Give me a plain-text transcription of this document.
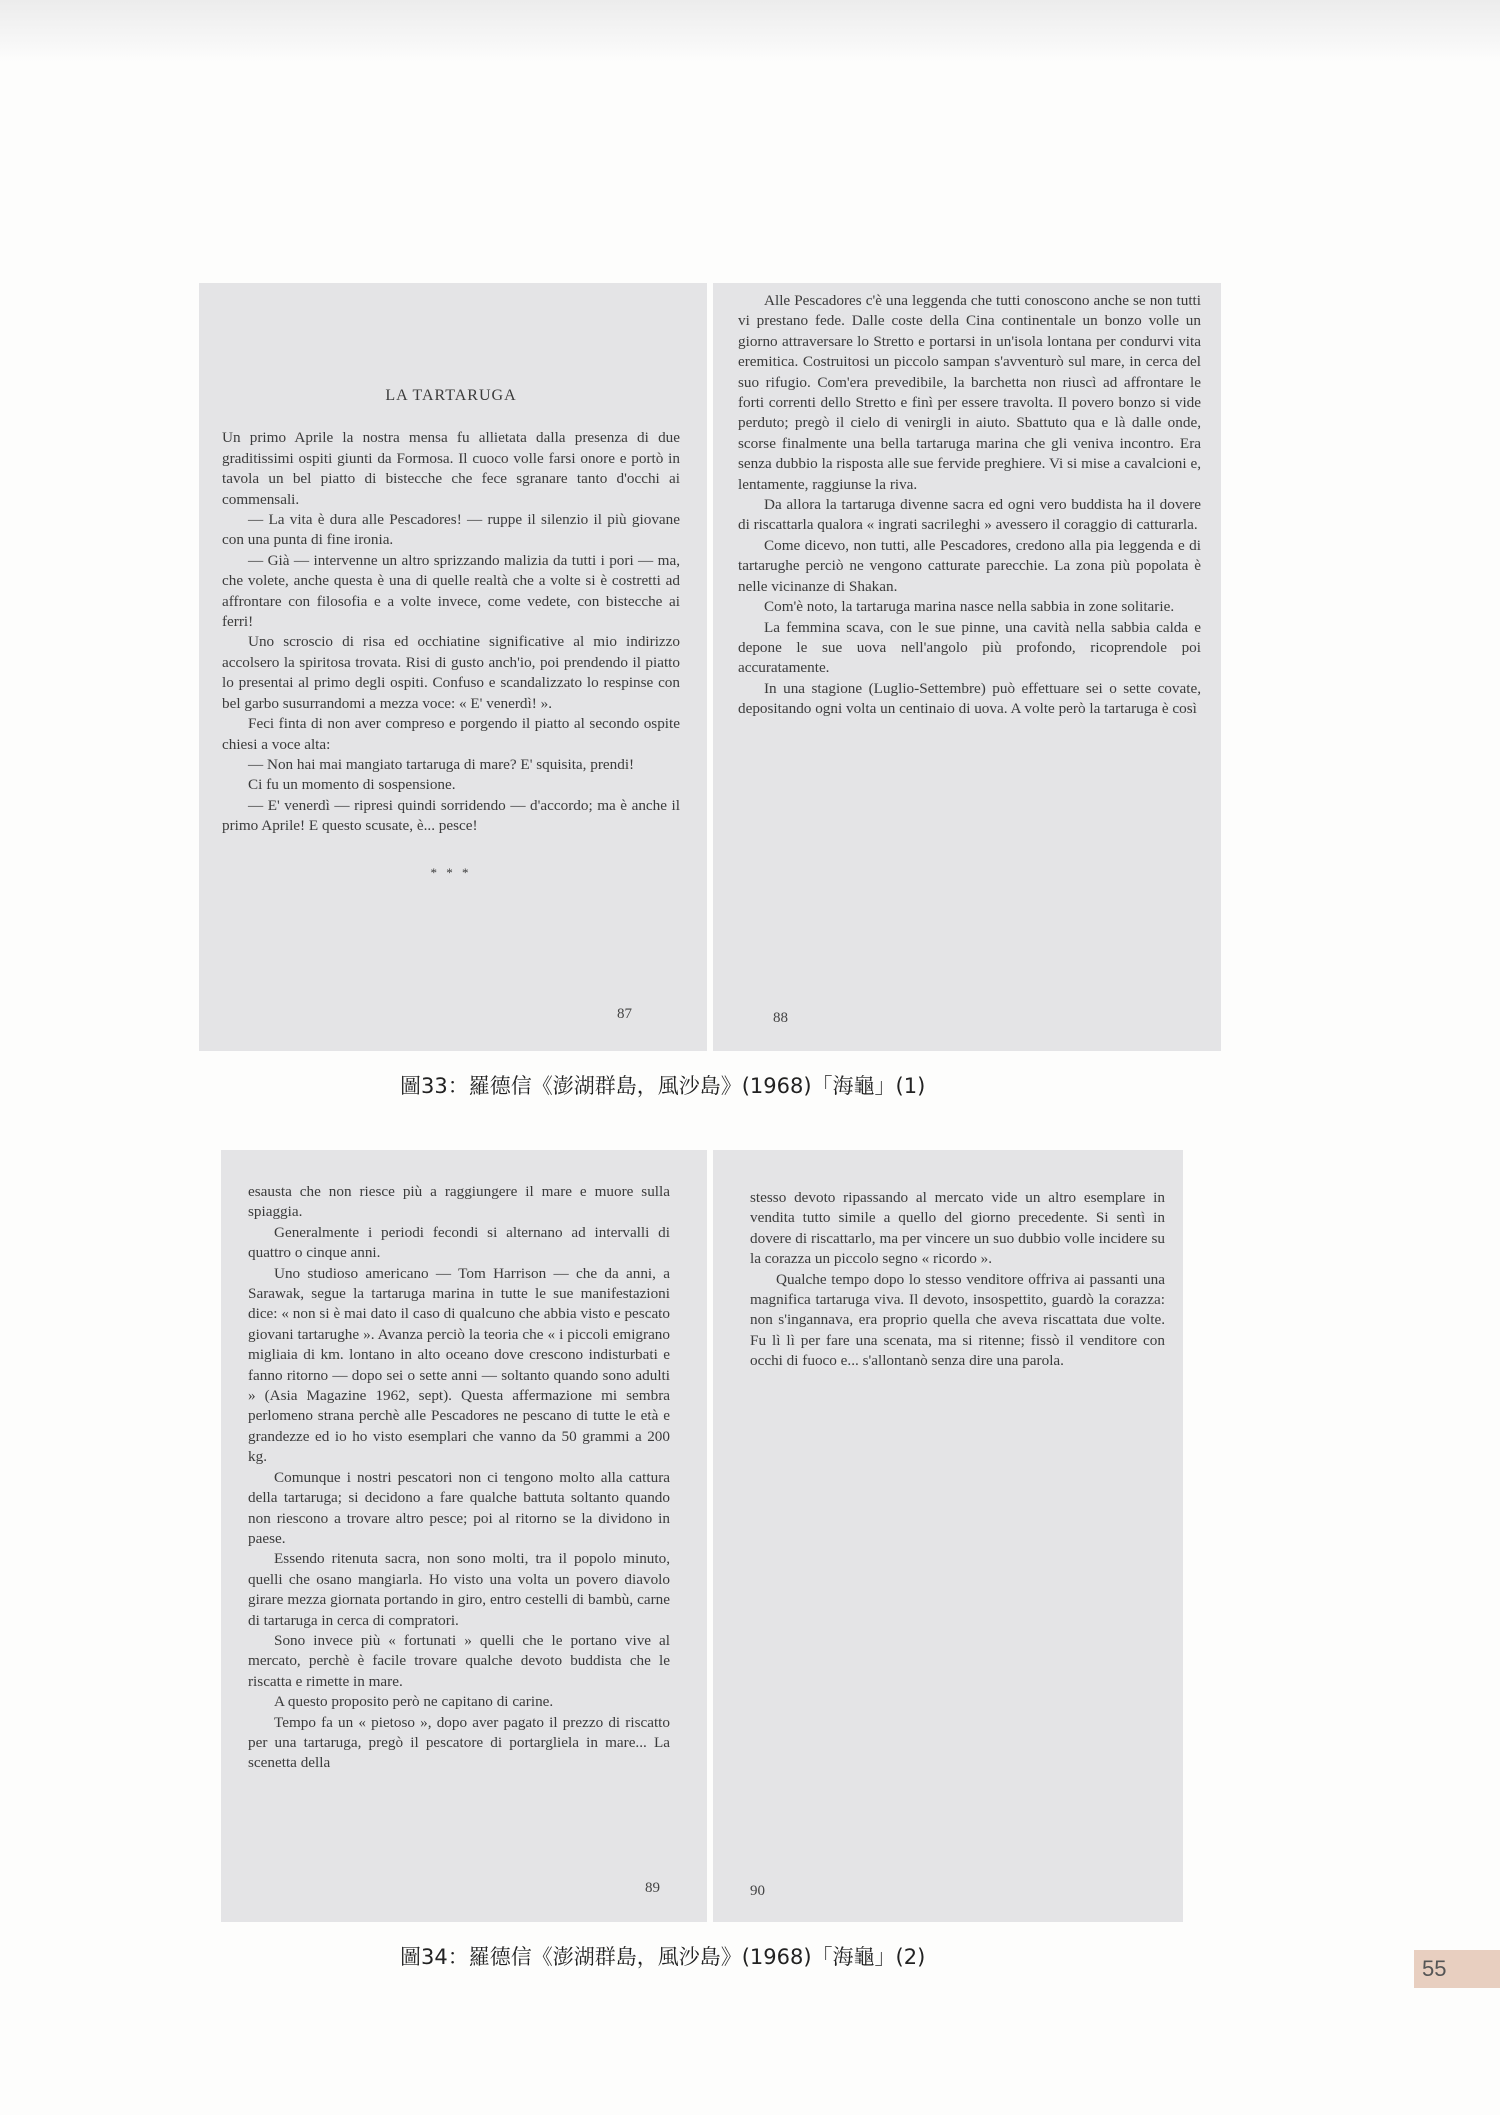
LA TARTARUGA

Un primo Aprile la nostra mensa fu allietata dalla presenza di due graditissimi ospiti giunti da Formosa. Il cuoco volle farsi onore e portò in tavola un bel piatto di bistecche che fece sgranare tanto d'occhi ai commensali.

— La vita è dura alle Pescadores! — ruppe il silenzio il più giovane con una punta di fine ironia.

— Già — intervenne un altro sprizzando malizia da tutti i pori — ma, che volete, anche questa è una di quelle realtà che a volte si è costretti ad affrontare con filosofia e a volte invece, come vedete, con bistecche ai ferri!

Uno scroscio di risa ed occhiatine significative al mio indirizzo accolsero la spiritosa trovata. Risi di gusto anch'io, poi prendendo il piatto lo presentai al primo degli ospiti. Confuso e scandalizzato lo respinse con bel garbo susurrandomi a mezza voce: « E' venerdì! ».

Feci finta di non aver compreso e porgendo il piatto al secondo ospite chiesi a voce alta:

— Non hai mai mangiato tartaruga di mare? E' squisita, prendi!

Ci fu un momento di sospensione.

— E' venerdì — ripresi quindi sorridendo — d'accordo; ma è anche il primo Aprile! E questo scusate, è... pesce!

* * *
87

Alle Pescadores c'è una leggenda che tutti conoscono anche se non tutti vi prestano fede. Dalle coste della Cina continentale un bonzo volle un giorno attraversare lo Stretto e portarsi in un'isola lontana per condurvi vita eremitica. Costruitosi un piccolo sampan s'avventurò sul mare, in cerca del suo rifugio. Com'era prevedibile, la barchetta non riuscì ad affrontare le forti correnti dello Stretto e finì per essere travolta. Il povero bonzo si vide perduto; pregò il cielo di venirgli in aiuto. Sbattuto qua e là dalle onde, scorse finalmente una bella tartaruga marina che gli veniva incontro. Era senza dubbio la risposta alle sue fervide preghiere. Vi si mise a cavalcioni e, lentamente, raggiunse la riva.

Da allora la tartaruga divenne sacra ed ogni vero buddista ha il dovere di riscattarla qualora « ingrati sacrileghi » avessero il coraggio di catturarla.

Come dicevo, non tutti, alle Pescadores, credono alla pia leggenda e di tartarughe perciò ne vengono catturate parecchie. La zona più popolata è nelle vicinanze di Shakan.

Com'è noto, la tartaruga marina nasce nella sabbia in zone solitarie.

La femmina scava, con le sue pinne, una cavità nella sabbia calda e depone le sue uova nell'angolo più profondo, ricoprendole poi accuratamente.

In una stagione (Luglio-Settembre) può effettuare sei o sette covate, depositando ogni volta un centinaio di uova. A volte però la tartaruga è così

88
圖33：羅德信《澎湖群島，風沙島》(1968)「海龜」(1)

esausta che non riesce più a raggiungere il mare e muore sulla spiaggia.

Generalmente i periodi fecondi si alternano ad intervalli di quattro o cinque anni.

Uno studioso americano — Tom Harrison — che da anni, a Sarawak, segue la tartaruga marina in tutte le sue manifestazioni dice: « non si è mai dato il caso di qualcuno che abbia visto e pescato giovani tartarughe ». Avanza perciò la teoria che « i piccoli emigrano migliaia di km. lontano in alto oceano dove crescono indisturbati e fanno ritorno — dopo sei o sette anni — soltanto quando sono adulti » (Asia Magazine 1962, sept). Questa affermazione mi sembra perlomeno strana perchè alle Pescadores ne pescano di tutte le età e grandezze ed io ho visto esemplari che vanno da 50 grammi a 200 kg.

Comunque i nostri pescatori non ci tengono molto alla cattura della tartaruga; si decidono a fare qualche battuta soltanto quando non riescono a trovare altro pesce; poi al ritorno se la dividono in paese.

Essendo ritenuta sacra, non sono molti, tra il popolo minuto, quelli che osano mangiarla. Ho visto una volta un povero diavolo girare mezza giornata portando in giro, entro cestelli di bambù, carne di tartaruga in cerca di compratori.

Sono invece più « fortunati » quelli che le portano vive al mercato, perchè è facile trovare qualche devoto buddista che le riscatta e rimette in mare.

A questo proposito però ne capitano di carine.

Tempo fa un « pietoso », dopo aver pagato il prezzo di riscatto per una tartaruga, pregò il pescatore di portargliela in mare... La scenetta della

89

stesso devoto ripassando al mercato vide un altro esemplare in vendita tutto simile a quello del giorno precedente. Si sentì in dovere di riscattarlo, ma per vincere un suo dubbio volle incidere su la corazza un piccolo segno « ricordo ».

Qualche tempo dopo lo stesso venditore offriva ai passanti una magnifica tartaruga viva. Il devoto, insospettito, guardò la corazza: non s'ingannava, era proprio quella che aveva riscattata due volte. Fu lì lì per fare una scenata, ma si ritenne; fissò il venditore con occhi di fuoco e... s'allontanò senza dire una parola.

90
圖34：羅德信《澎湖群島，風沙島》(1968)「海龜」(2)	55
